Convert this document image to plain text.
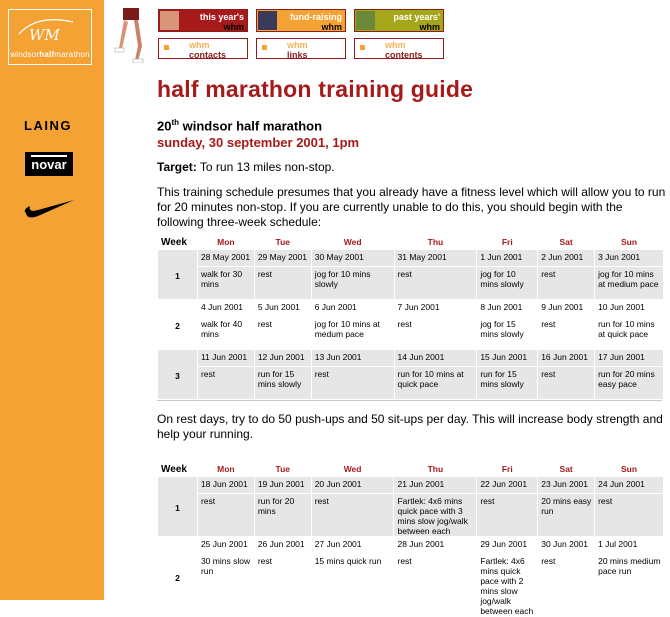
WM
windsorhalfmarathon
LAING
novar
this year's
whm
fund-raising
whm
past years'
whm
whm
contacts
whm
links
whm
contents
half marathon training guide
20th windsor half marathon
sunday, 30 september 2001, 1pm
Target: To run 13 miles non-stop.
This training schedule presumes that you already have a fitness level which will allow you to run for 20 minutes non-stop. If you are currently unable to do this, you should begin with the following three-week schedule:
Week	Mon	Tue	Wed	Thu	Fri	Sat	Sun
1	28 May 2001	29 May 2001	30 May 2001	31 May 2001	1 Jun 2001	2 Jun 2001	3 Jun 2001
	walk for 30 mins	rest	jog for 10 mins slowly	rest	jog for 10 mins slowly	rest	jog for 10 mins at medium pace
2	4 Jun 2001	5 Jun 2001	6 Jun 2001	7 Jun 2001	8 Jun 2001	9 Jun 2001	10 Jun 2001
	walk for 40 mins	rest	jog for 10 mins at medum pace	rest	jog for 15 mins slowly	rest	run for 10 mins at quick pace
3	11 Jun 2001	12 Jun 2001	13 Jun 2001	14 Jun 2001	15 Jun 2001	16 Jun 2001	17 Jun 2001
	rest	run for 15 mins slowly	rest	run for 10 mins at quick pace	run for 15 mins slowly	rest	run for 20 mins easy pace
On rest days, try to do 50 push-ups and 50 sit-ups per day. This will increase body strength and help your running.
Week	Mon	Tue	Wed	Thu	Fri	Sat	Sun
1	18 Jun 2001	19 Jun 2001	20 Jun 2001	21 Jun 2001	22 Jun 2001	23 Jun 2001	24 Jun 2001
	rest	run for 20 mins	rest	Fartlek: 4x6 mins quick pace with 3 mins slow jog/walk between each	rest	20 mins easy run	rest
2	25 Jun 2001	26 Jun 2001	27 Jun 2001	28 Jun 2001	29 Jun 2001	30 Jun 2001	1 Jul 2001
	30 mins slow run	rest	15 mins quick run	rest	Fartlek: 4x6 mins quick pace with 2 mins slow jog/walk between each	rest	20 mins medium pace run
